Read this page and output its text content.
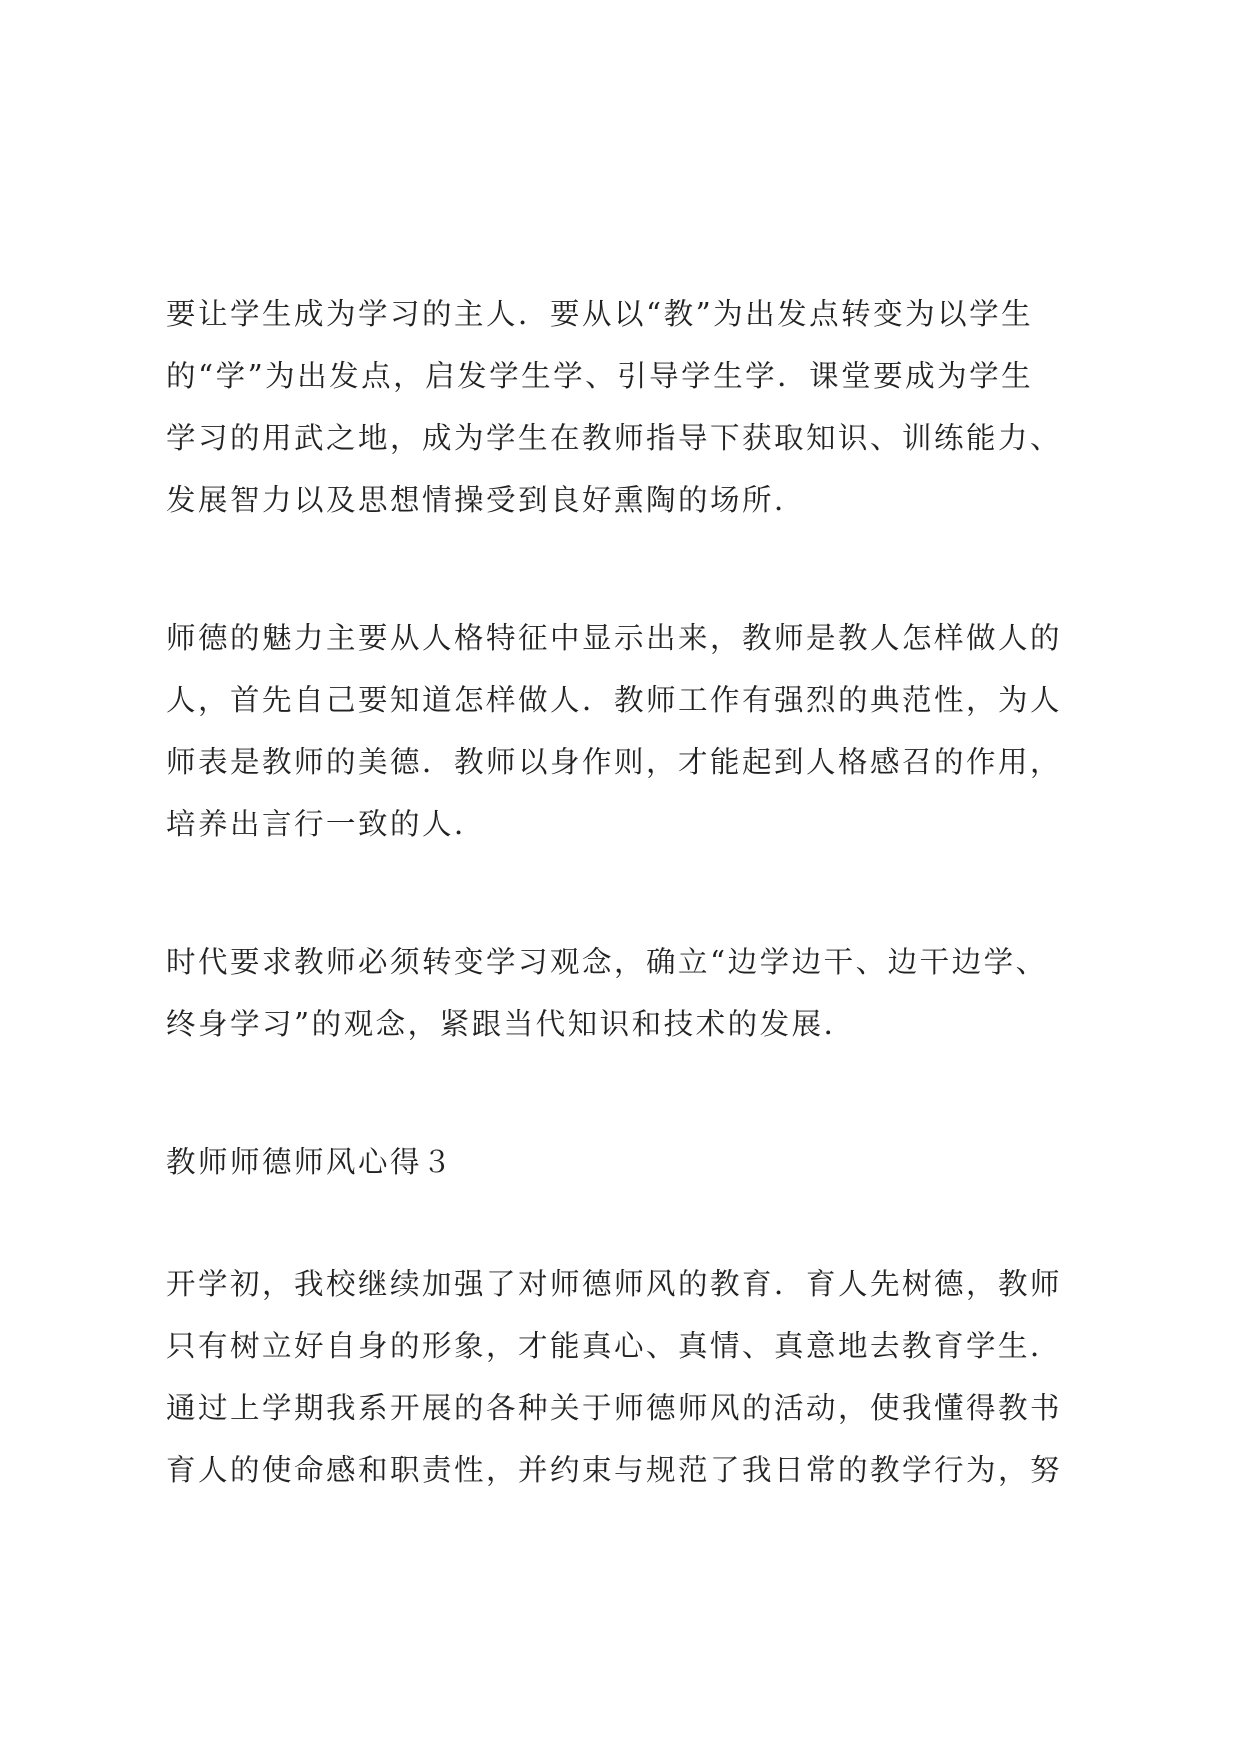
要让学生成为学习的主人．要从以“教”为出发点转变为以学生
的“学”为出发点，启发学生学、引导学生学．课堂要成为学生
学习的用武之地，成为学生在教师指导下获取知识、训练能力、
发展智力以及思想情操受到良好熏陶的场所．
师德的魅力主要从人格特征中显示出来，教师是教人怎样做人的
人，首先自己要知道怎样做人．教师工作有强烈的典范性，为人
师表是教师的美德．教师以身作则，才能起到人格感召的作用，
培养出言行一致的人．
时代要求教师必须转变学习观念，确立“边学边干、边干边学、
终身学习”的观念，紧跟当代知识和技术的发展．
教师师德师风心得３
开学初，我校继续加强了对师德师风的教育．育人先树德，教师
只有树立好自身的形象，才能真心、真情、真意地去教育学生．
通过上学期我系开展的各种关于师德师风的活动，使我懂得教书
育人的使命感和职责性，并约束与规范了我日常的教学行为，努
